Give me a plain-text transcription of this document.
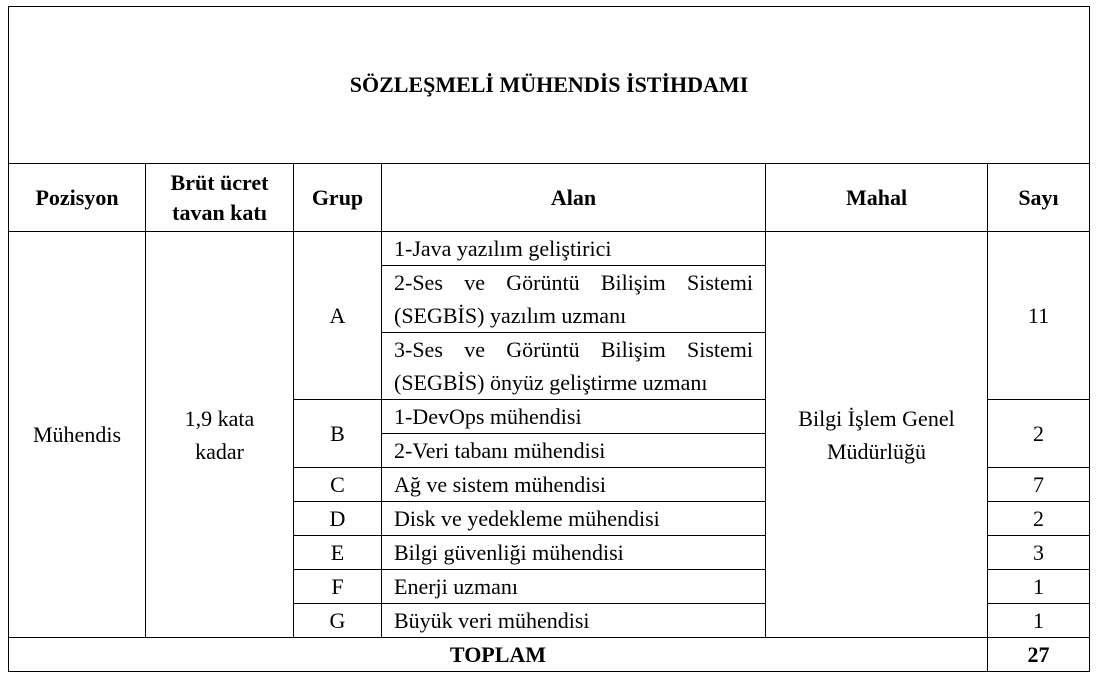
SÖZLEŞMELİ MÜHENDİS İSTİHDAMI					
Pozisyon	Brüt ücret tavan katı	Grup	Alan	Mahal	Sayı
Mühendis	1,9 kata kadar	A	1-Java yazılım geliştirici	Bilgi İşlem Genel Müdürlüğü	11
			2-Ses ve Görüntü Bilişim Sistemi (SEGBİS) yazılım uzmanı		
			3-Ses ve Görüntü Bilişim Sistemi (SEGBİS) önyüz geliştirme uzmanı		
		B	1-DevOps mühendisi		2
			2-Veri tabanı mühendisi		
		C	Ağ ve sistem mühendisi		7
		D	Disk ve yedekleme mühendisi		2
		E	Bilgi güvenliği mühendisi		3
		F	Enerji uzmanı		1
		G	Büyük veri mühendisi		1
TOPLAM					27
